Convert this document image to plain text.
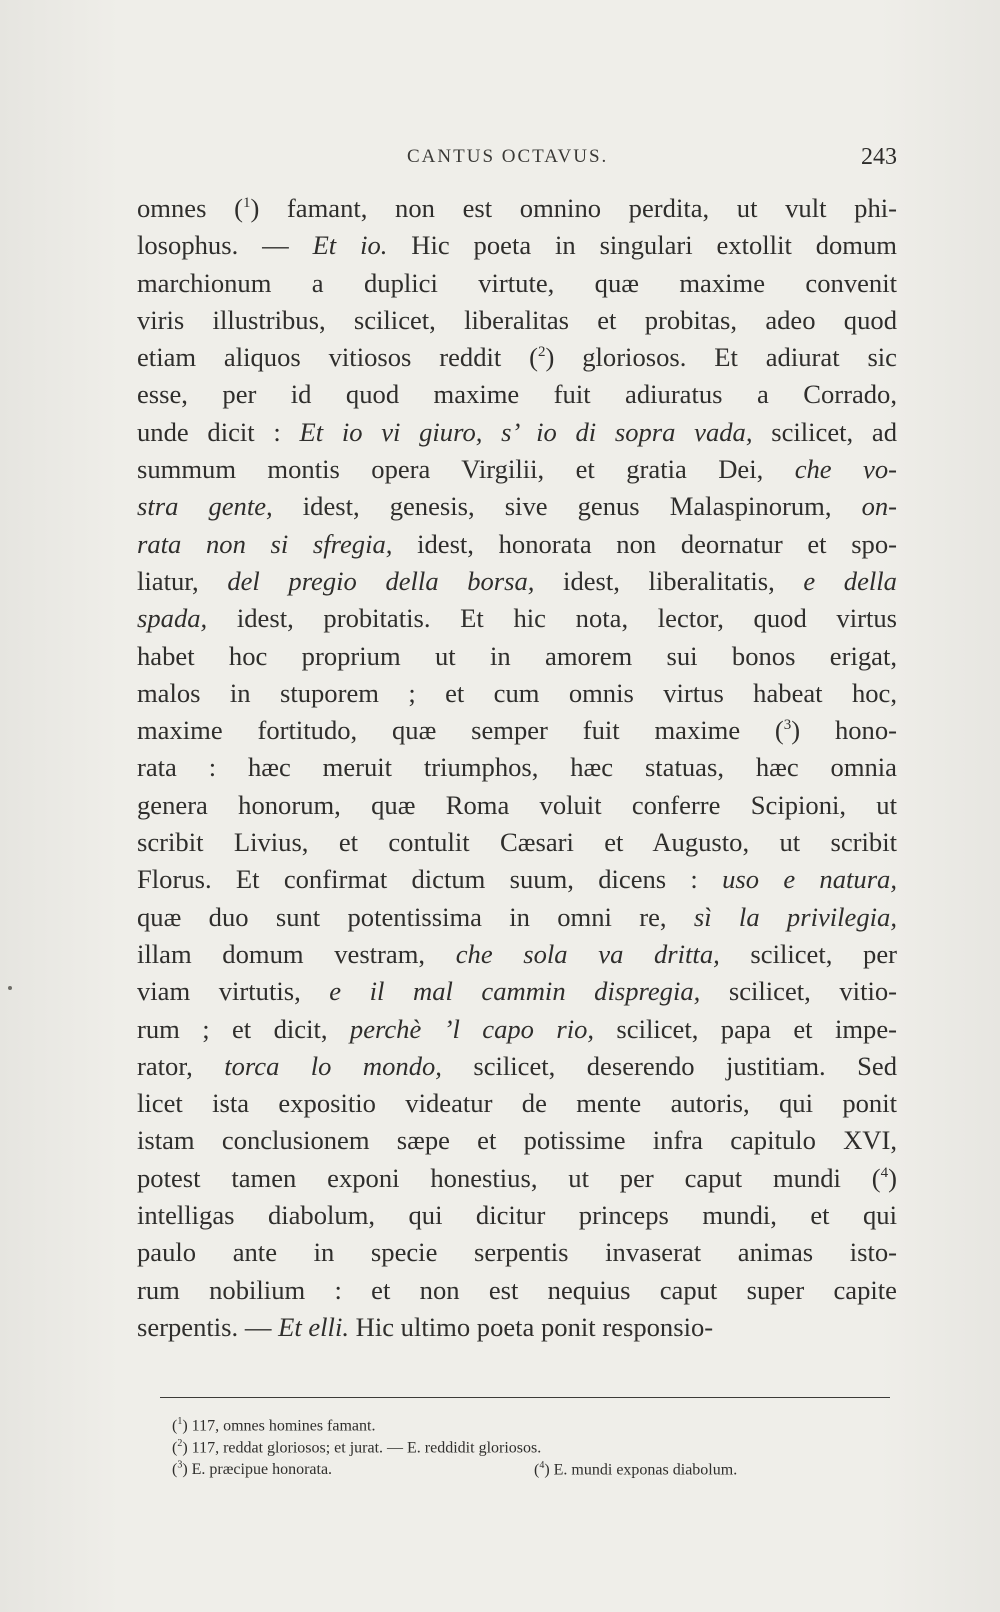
CANTUS OCTAVUS.	243
omnes ($^1$) famant, non est omnino perdita, ut vult phi-
losophus. — Et io. Hic poeta in singulari extollit domum
marchionum a duplici virtute, quæ maxime convenit
viris illustribus, scilicet, liberalitas et probitas, adeo quod
etiam aliquos vitiosos reddit ($^2$) gloriosos. Et adiurat sic
esse, per id quod maxime fuit adiuratus a Corrado,
unde dicit : Et io vi giuro, s’ io di sopra vada, scilicet, ad
summum montis opera Virgilii, et gratia Dei, che vo-
stra gente, idest, genesis, sive genus Malaspinorum, on-
rata non si sfregia, idest, honorata non deornatur et spo-
liatur, del pregio della borsa, idest, liberalitatis, e della
spada, idest, probitatis. Et hic nota, lector, quod virtus
habet hoc proprium ut in amorem sui bonos erigat,
malos in stuporem ; et cum omnis virtus habeat hoc,
maxime fortitudo, quæ semper fuit maxime ($^3$) hono-
rata : hæc meruit triumphos, hæc statuas, hæc omnia
genera honorum, quæ Roma voluit conferre Scipioni, ut
scribit Livius, et contulit Cæsari et Augusto, ut scribit
Florus. Et confirmat dictum suum, dicens : uso e natura,
quæ duo sunt potentissima in omni re, sì la privilegia,
illam domum vestram, che sola va dritta, scilicet, per
viam virtutis, e il mal cammin dispregia, scilicet, vitio-
rum ; et dicit, perchè ’l capo rio, scilicet, papa et impe-
rator, torca lo mondo, scilicet, deserendo justitiam. Sed
licet ista expositio videatur de mente autoris, qui ponit
istam conclusionem sæpe et potissime infra capitulo XVI,
potest tamen exponi honestius, ut per caput mundi ($^4$)
intelligas diabolum, qui dicitur princeps mundi, et qui
paulo ante in specie serpentis invaserat animas isto-
rum nobilium : et non est nequius caput super capite
serpentis. — Et elli. Hic ultimo poeta ponit responsio-
($^1$) 117, omnes homines famant.
($^2$) 117, reddat gloriosos; et jurat. — E. reddidit gloriosos.
($^3$) E. præcipue honorata.	($^4$) E. mundi exponas diabolum.
